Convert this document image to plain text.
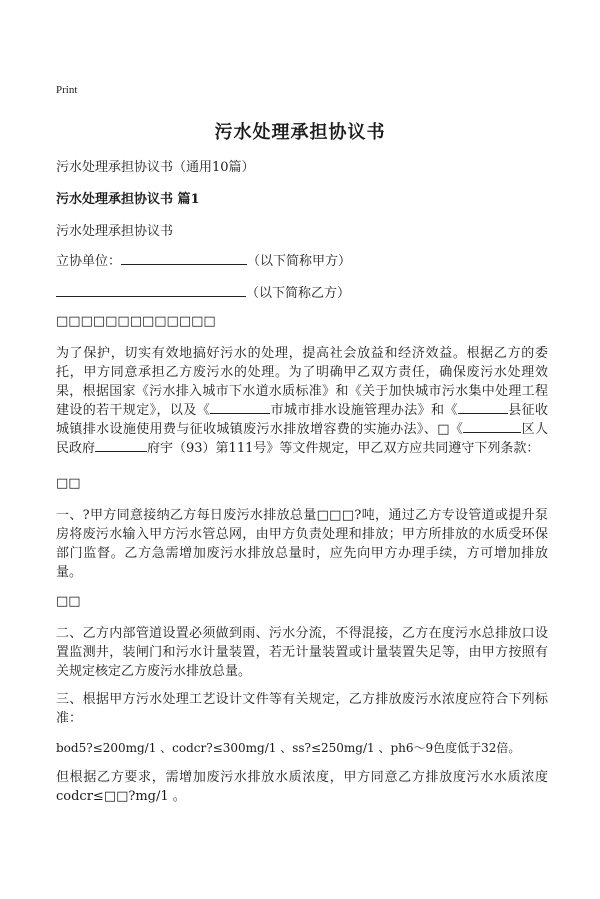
Print
污水处理承担协议书
污水处理承担协议书（通用10篇）
污水处理承担协议书 篇1
污水处理承担协议书
立协单位：	（以下简称甲方）
（以下简称乙方）
□□□□□□□□□□□□□
为了保护，切实有效地搞好污水的处理，提高社会放益和经济效益。根据乙方的委托，甲方同意承担乙方废污水的处理。为了明确甲乙双方责任，确保废污水处理效果，根据国家《污水排入城市下水道水质标准》和《关于加快城市污水集中处理工程建设的若干规定》，以及《	市城市排水设施管理办法》和《	县征收城镇排水设施使用费与征收城镇废污水排放增容费的实施办法》、□《	区人民政府	府宇（93）第111号》等文件规定，甲乙双方应共同遵守下列条款：
□□
一、?甲方同意接纳乙方每日废污水排放总量□□□?吨，通过乙方专设管道或提升泵房将废污水输入甲方污水管总网，由甲方负责处理和排放；甲方所排放的水质受环保部门监督。乙方急需增加废污水排放总量时，应先向甲方办理手续，方可增加排放量。
□□
二、乙方内部管道设置必须做到雨、污水分流，不得混接，乙方在度污水总排放口设置监测井，装闸门和污水计量装置，若无计量装置或计量装置失足等，由甲方按照有关规定核定乙方废污水排放总量。
三、根据甲方污水处理工艺设计文件等有关规定，乙方排放废污水浓度应符合下列标准：
bod5?≤200mg/1 、codcr?≤300mg/1 、ss?≤250mg/1 、ph6～9色度低于32倍。
但根据乙方要求，需增加废污水排放水质浓度，甲方同意乙方排放度污水水质浓度codcr≤□□?mg/1 。
